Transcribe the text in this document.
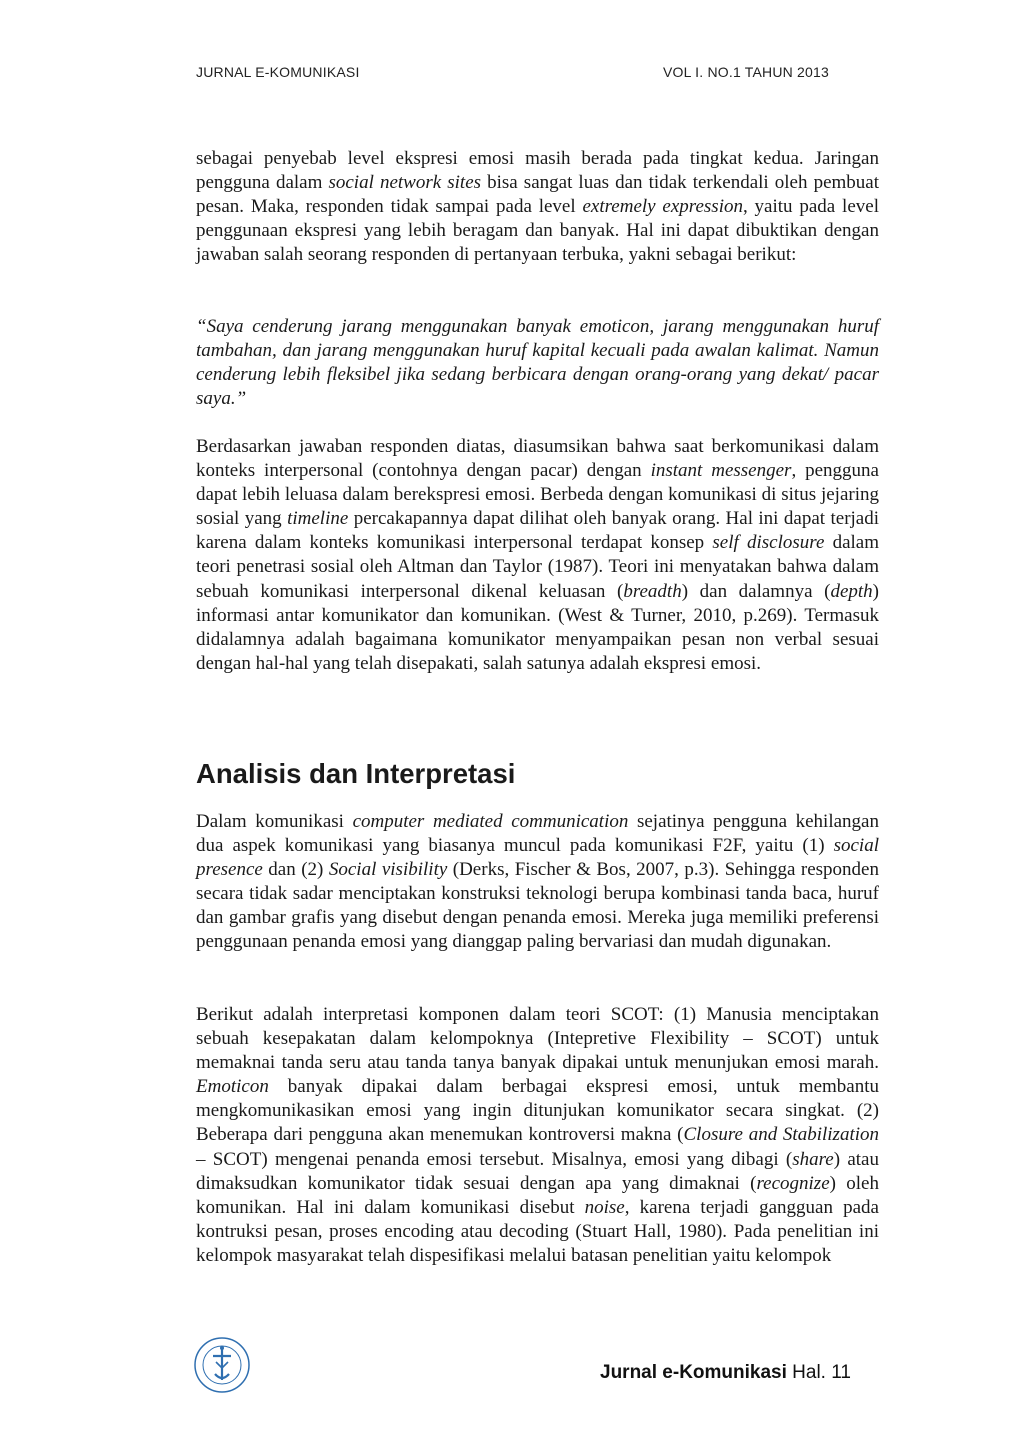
JURNAL E-KOMUNIKASI	VOL I. NO.1 TAHUN 2013

sebagai penyebab level ekspresi emosi masih berada pada tingkat kedua. Jaringan pengguna dalam social network sites bisa sangat luas dan tidak terkendali oleh pembuat pesan. Maka, responden tidak sampai pada level extremely expression, yaitu pada level penggunaan ekspresi yang lebih beragam dan banyak. Hal ini dapat dibuktikan dengan jawaban salah seorang responden di pertanyaan terbuka, yakni sebagai berikut:

“Saya cenderung jarang menggunakan banyak emoticon, jarang menggunakan huruf tambahan, dan jarang menggunakan huruf kapital kecuali pada awalan kalimat. Namun cenderung lebih fleksibel jika sedang berbicara dengan orang-orang yang dekat/ pacar saya.”

Berdasarkan jawaban responden diatas, diasumsikan bahwa saat berkomunikasi dalam konteks interpersonal (contohnya dengan pacar) dengan instant messenger, pengguna dapat lebih leluasa dalam berekspresi emosi. Berbeda dengan komunikasi di situs jejaring sosial yang timeline percakapannya dapat dilihat oleh banyak orang. Hal ini dapat terjadi karena dalam konteks komunikasi interpersonal terdapat konsep self disclosure dalam teori penetrasi sosial oleh Altman dan Taylor (1987). Teori ini menyatakan bahwa dalam sebuah komunikasi interpersonal dikenal keluasan (breadth) dan dalamnya (depth) informasi antar komunikator dan komunikan. (West & Turner, 2010, p.269). Termasuk didalamnya adalah bagaimana komunikator menyampaikan pesan non verbal sesuai dengan hal-hal yang telah disepakati, salah satunya adalah ekspresi emosi.

Analisis dan Interpretasi

Dalam komunikasi computer mediated communication sejatinya pengguna kehilangan dua aspek komunikasi yang biasanya muncul pada komunikasi F2F, yaitu (1) social presence dan (2) Social visibility (Derks, Fischer & Bos, 2007, p.3). Sehingga responden secara tidak sadar menciptakan konstruksi teknologi berupa kombinasi tanda baca, huruf dan gambar grafis yang disebut dengan penanda emosi. Mereka juga memiliki preferensi penggunaan penanda emosi yang dianggap paling bervariasi dan mudah digunakan.

Berikut adalah interpretasi komponen dalam teori SCOT: (1) Manusia menciptakan sebuah kesepakatan dalam kelompoknya (Intepretive Flexibility – SCOT) untuk memaknai tanda seru atau tanda tanya banyak dipakai untuk menunjukan emosi marah. Emoticon banyak dipakai dalam berbagai ekspresi emosi, untuk membantu mengkomunikasikan emosi yang ingin ditunjukan komunikator secara singkat. (2) Beberapa dari pengguna akan menemukan kontroversi makna (Closure and Stabilization – SCOT) mengenai penanda emosi tersebut. Misalnya, emosi yang dibagi (share) atau dimaksudkan komunikator tidak sesuai dengan apa yang dimaknai (recognize) oleh komunikan. Hal ini dalam komunikasi disebut noise, karena terjadi gangguan pada kontruksi pesan, proses encoding atau decoding (Stuart Hall, 1980). Pada penelitian ini kelompok masyarakat telah dispesifikasi melalui batasan penelitian yaitu kelompok

Jurnal e-Komunikasi Hal. 11
